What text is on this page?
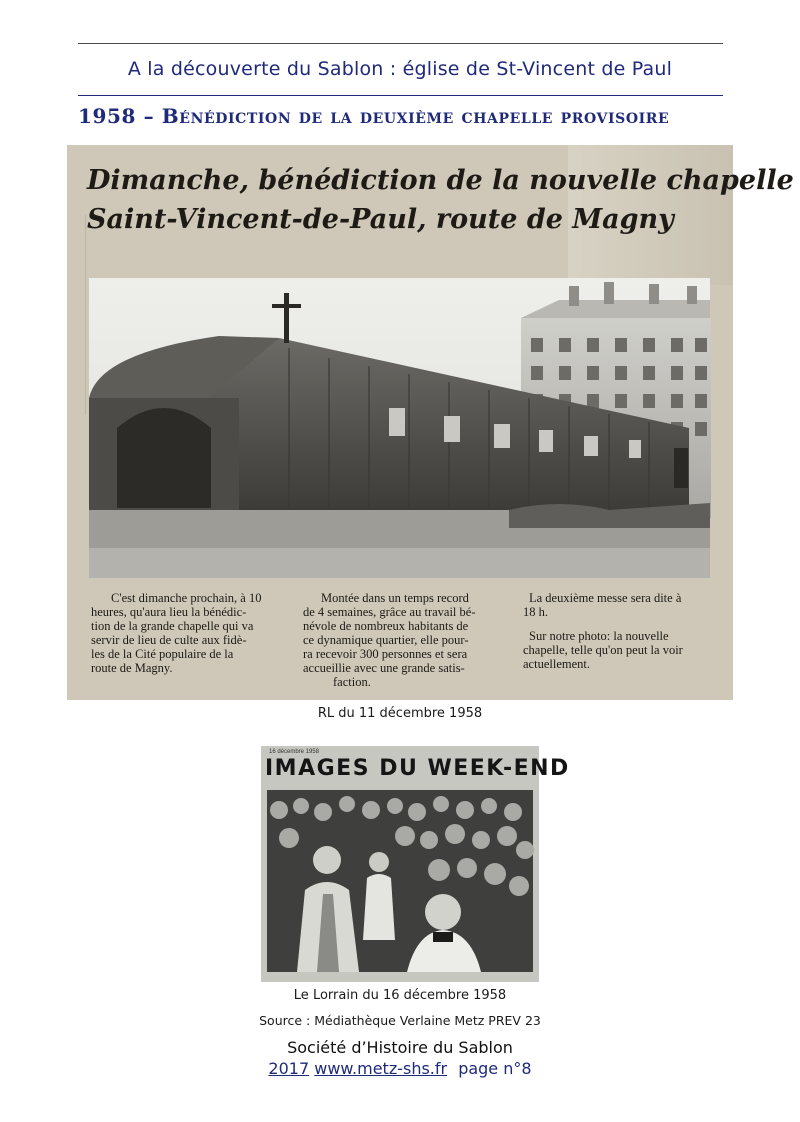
A la découverte du Sablon : église de St-Vincent de Paul
1958 – Bénédiction de la deuxième chapelle provisoire
Dimanche, bénédiction de la nouvelle chapelle
Saint-Vincent-de-Paul, route de Magny

C'est dimanche prochain, à 10

heures, qu'aura lieu la bénédic-

tion de la grande chapelle qui va

servir de lieu de culte aux fidè-

les de la Cité populaire de la

route de Magny.

Montée dans un temps record

de 4 semaines, grâce au travail bé-

névole de nombreux habitants de

ce dynamique quartier, elle pour-

ra recevoir 300 personnes et sera

accueillie avec une grande satis-

faction.

La deuxième messe sera dite à

18 h.

Sur notre photo: la nouvelle

chapelle, telle qu'on peut la voir

actuellement.

RL du 11 décembre 1958
16 décembre 1958
IMAGES DU WEEK-END
Le Lorrain du 16 décembre 1958
Source : Médiathèque Verlaine Metz PREV 23
Société d’Histoire du Sablon
2017 www.metz-shs.fr page n°8
